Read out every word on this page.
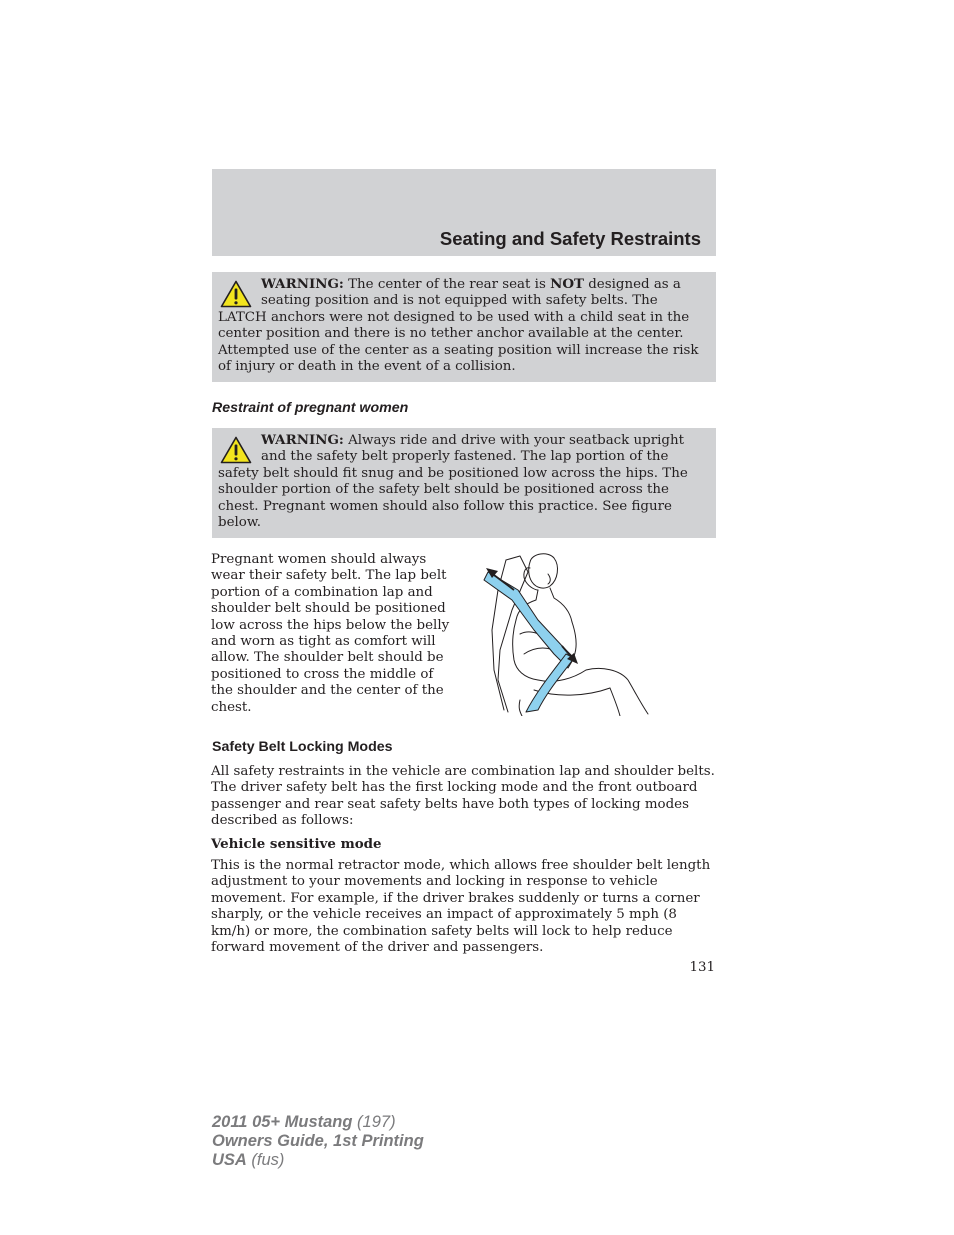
Seating and Safety Restraints
WARNING: The center of the rear seat is NOT designed as a
seating position and is not equipped with safety belts. The
LATCH anchors were not designed to be used with a child seat in the center position and there is no tether anchor available at the center. Attempted use of the center as a seating position will increase the risk of injury or death in the event of a collision.
Restraint of pregnant women
WARNING: Always ride and drive with your seatback upright
and the safety belt properly fastened. The lap portion of the
safety belt should fit snug and be positioned low across the hips. The shoulder portion of the safety belt should be positioned across the chest. Pregnant women should also follow this practice. See figure below.

Pregnant women should always wear their safety belt. The lap belt portion of a combination lap and shoulder belt should be positioned low across the hips below the belly and worn as tight as comfort will allow. The shoulder belt should be positioned to cross the middle of the shoulder and the center of the chest.

Safety Belt Locking Modes

All safety restraints in the vehicle are combination lap and shoulder belts. The driver safety belt has the first locking mode and the front outboard passenger and rear seat safety belts have both types of locking modes described as follows:

Vehicle sensitive mode

This is the normal retractor mode, which allows free shoulder belt length adjustment to your movements and locking in response to vehicle movement. For example, if the driver brakes suddenly or turns a corner sharply, or the vehicle receives an impact of approximately 5 mph (8 km/h) or more, the combination safety belts will lock to help reduce forward movement of the driver and passengers.

131
2011 05+ Mustang (197)
Owners Guide, 1st Printing
USA (fus)
